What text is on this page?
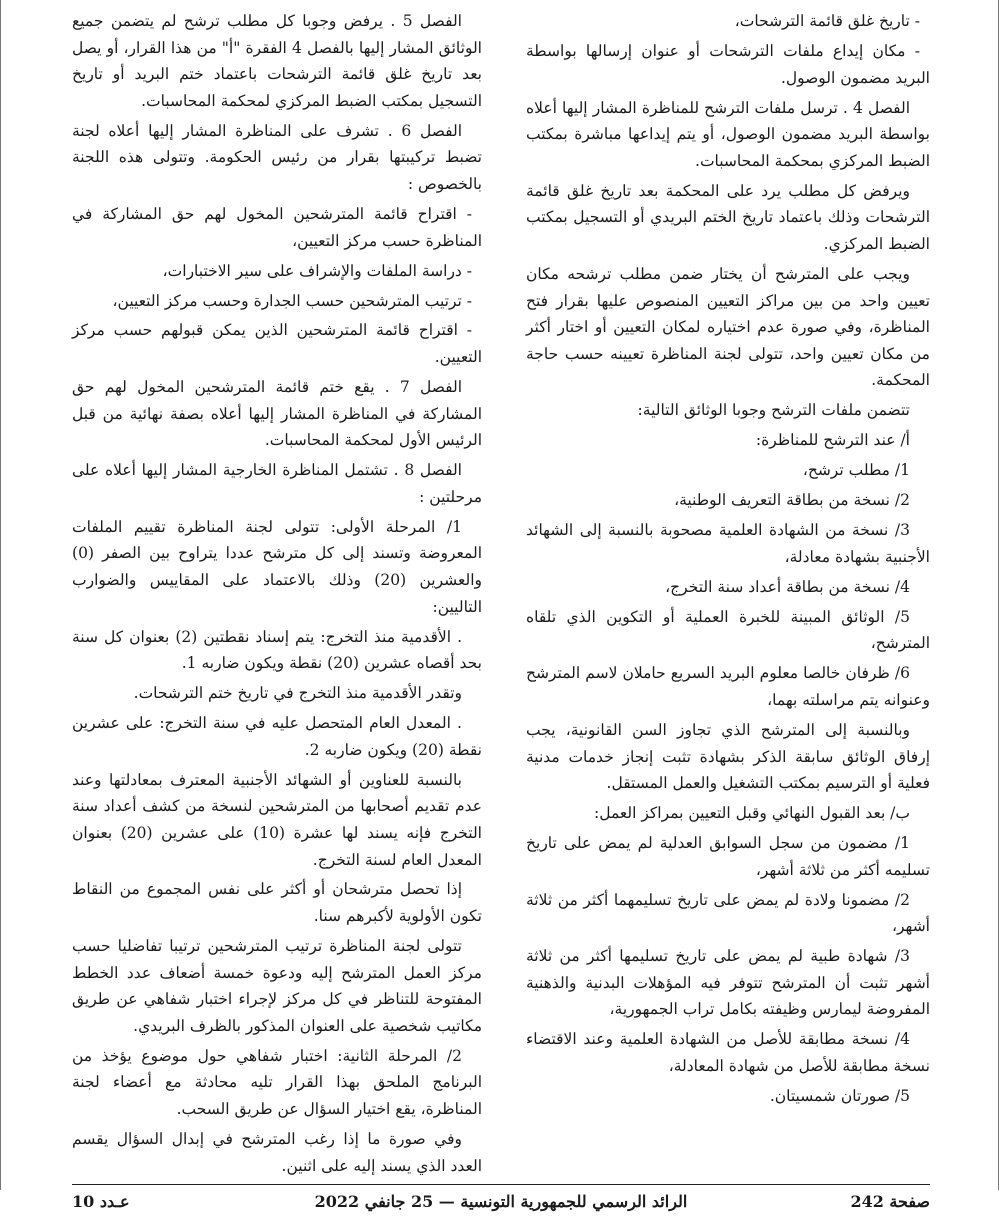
- تاريخ غلق قائمة الترشحات،

- مكان إيداع ملفات الترشحات أو عنوان إرسالها بواسطة البريد مضمون الوصول.

الفصل 4 . ترسل ملفات الترشح للمناظرة المشار إليها أعلاه بواسطة البريد مضمون الوصول، أو يتم إيداعها مباشرة بمكتب الضبط المركزي بمحكمة المحاسبات.

ويرفض كل مطلب يرد على المحكمة بعد تاريخ غلق قائمة الترشحات وذلك باعتماد تاريخ الختم البريدي أو التسجيل بمكتب الضبط المركزي.

ويجب على المترشح أن يختار ضمن مطلب ترشحه مكان تعيين واحد من بين مراكز التعيين المنصوص عليها بقرار فتح المناظرة، وفي صورة عدم اختياره لمكان التعيين أو اختار أكثر من مكان تعيين واحد، تتولى لجنة المناظرة تعيينه حسب حاجة المحكمة.

تتضمن ملفات الترشح وجوبا الوثائق التالية:

أ/ عند الترشح للمناظرة:

1/ مطلب ترشح،

2/ نسخة من بطاقة التعريف الوطنية،

3/ نسخة من الشهادة العلمية مصحوبة بالنسبة إلى الشهائد الأجنبية بشهادة معادلة،

4/ نسخة من بطاقة أعداد سنة التخرج،

5/ الوثائق المبينة للخبرة العملية أو التكوين الذي تلقاه المترشح،

6/ ظرفان خالصا معلوم البريد السريع حاملان لاسم المترشح وعنوانه يتم مراسلته بهما،

وبالنسبة إلى المترشح الذي تجاوز السن القانونية، يجب إرفاق الوثائق سابقة الذكر بشهادة تثبت إنجاز خدمات مدنية فعلية أو الترسيم بمكتب التشغيل والعمل المستقل.

ب/ بعد القبول النهائي وقبل التعيين بمراكز العمل:

1/ مضمون من سجل السوابق العدلية لم يمض على تاريخ تسليمه أكثر من ثلاثة أشهر،

2/ مضمونا ولادة لم يمض على تاريخ تسليمهما أكثر من ثلاثة أشهر،

3/ شهادة طبية لم يمض على تاريخ تسليمها أكثر من ثلاثة أشهر تثبت أن المترشح تتوفر فيه المؤهلات البدنية والذهنية المفروضة ليمارس وظيفته بكامل تراب الجمهورية،

4/ نسخة مطابقة للأصل من الشهادة العلمية وعند الاقتضاء نسخة مطابقة للأصل من شهادة المعادلة،

5/ صورتان شمسيتان.

الفصل 5 . يرفض وجوبا كل مطلب ترشح لم يتضمن جميع الوثائق المشار إليها بالفصل 4 الفقرة "أ" من هذا القرار، أو يصل بعد تاريخ غلق قائمة الترشحات باعتماد ختم البريد أو تاريخ التسجيل بمكتب الضبط المركزي لمحكمة المحاسبات.

الفصل 6 . تشرف على المناظرة المشار إليها أعلاه لجنة تضبط تركيبتها بقرار من رئيس الحكومة. وتتولى هذه اللجنة بالخصوص :

- اقتراح قائمة المترشحين المخول لهم حق المشاركة في المناظرة حسب مركز التعيين،

- دراسة الملفات والإشراف على سير الاختبارات،

- ترتيب المترشحين حسب الجدارة وحسب مركز التعيين،

- اقتراح قائمة المترشحين الذين يمكن قبولهم حسب مركز التعيين.

الفصل 7 . يقع ختم قائمة المترشحين المخول لهم حق المشاركة في المناظرة المشار إليها أعلاه بصفة نهائية من قبل الرئيس الأول لمحكمة المحاسبات.

الفصل 8 . تشتمل المناظرة الخارجية المشار إليها أعلاه على مرحلتين :

1/ المرحلة الأولى: تتولى لجنة المناظرة تقييم الملفات المعروضة وتسند إلى كل مترشح عددا يتراوح بين الصفر (0) والعشرين (20) وذلك بالاعتماد على المقاييس والضوارب التاليين:

. الأقدمية منذ التخرج: يتم إسناد نقطتين (2) بعنوان كل سنة بحد أقصاه عشرين (20) نقطة ويكون ضاربه 1.

وتقدر الأقدمية منذ التخرج في تاريخ ختم الترشحات.

. المعدل العام المتحصل عليه في سنة التخرج: على عشرين نقطة (20) ويكون ضاربه 2.

بالنسبة للعناوين أو الشهائد الأجنبية المعترف بمعادلتها وعند عدم تقديم أصحابها من المترشحين لنسخة من كشف أعداد سنة التخرج فإنه يسند لها عشرة (10) على عشرين (20) بعنوان المعدل العام لسنة التخرج.

إذا تحصل مترشحان أو أكثر على نفس المجموع من النقاط تكون الأولوية لأكبرهم سنا.

تتولى لجنة المناظرة ترتيب المترشحين ترتيبا تفاضليا حسب مركز العمل المترشح إليه ودعوة خمسة أضعاف عدد الخطط المفتوحة للتناظر في كل مركز لإجراء اختبار شفاهي عن طريق مكاتيب شخصية على العنوان المذكور بالظرف البريدي.

2/ المرحلة الثانية: اختبار شفاهي حول موضوع يؤخذ من البرنامج الملحق بهذا القرار تليه محادثة مع أعضاء لجنة المناظرة، يقع اختيار السؤال عن طريق السحب.

وفي صورة ما إذا رغب المترشح في إبدال السؤال يقسم العدد الذي يسند إليه على اثنين.

صفحة 242
الرائد الرسمي للجمهورية التونسية — 25 جانفي 2022
عـدد 10
